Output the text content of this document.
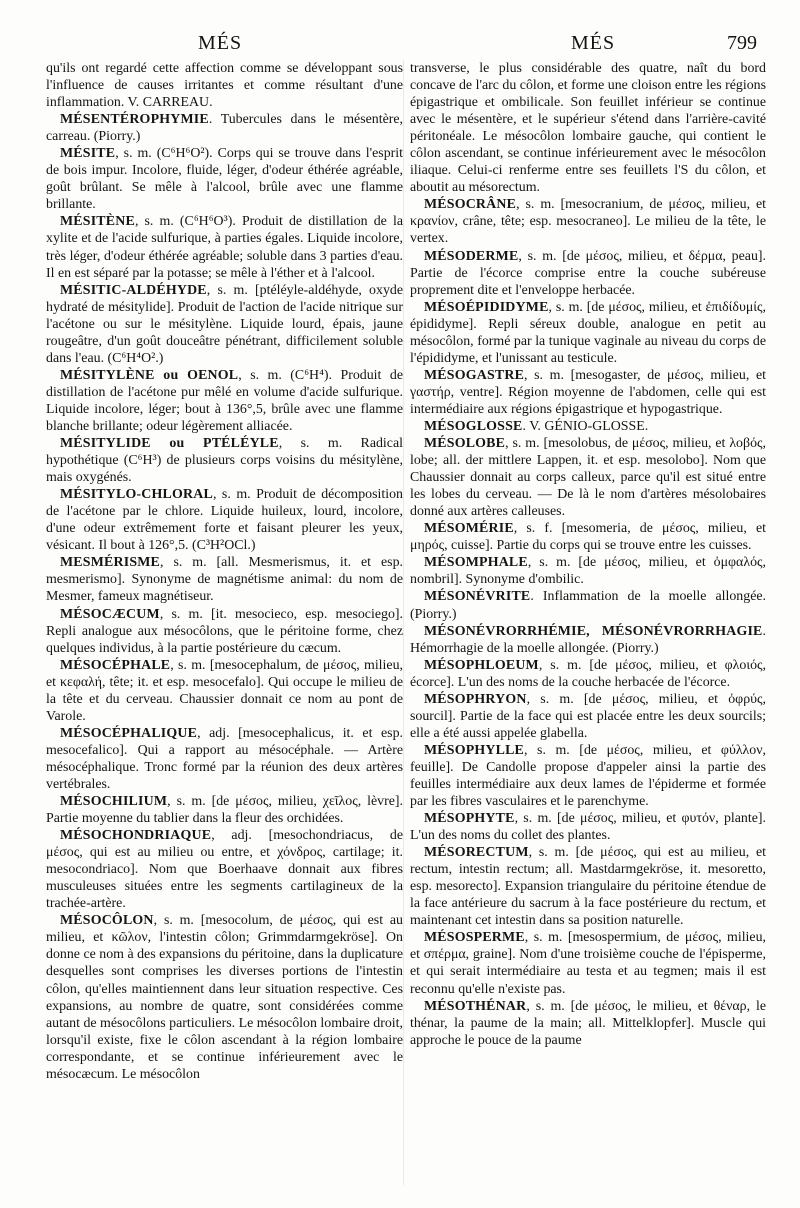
MÉS	MÉS	799

qu'ils ont regardé cette affection comme se développant sous l'influence de causes irritantes et comme résultant d'une inflammation. V. CARREAU.

MÉSENTÉROPHYMIE. Tubercules dans le mésentère, carreau. (Piorry.)

MÉSITE, s. m. (C⁶H⁶O²). Corps qui se trouve dans l'esprit de bois impur. Incolore, fluide, léger, d'odeur éthérée agréable, goût brûlant. Se mêle à l'alcool, brûle avec une flamme brillante.

MÉSITÈNE, s. m. (C⁶H⁶O³). Produit de distillation de la xylite et de l'acide sulfurique, à parties égales. Liquide incolore, très léger, d'odeur éthérée agréable; soluble dans 3 parties d'eau. Il en est séparé par la potasse; se mêle à l'éther et à l'alcool.

MÉSITIC-ALDÉHYDE, s. m. [ptéléyle-aldéhyde, oxyde hydraté de mésitylide]. Produit de l'action de l'acide nitrique sur l'acétone ou sur le mésitylène. Liquide lourd, épais, jaune rougeâtre, d'un goût douceâtre pénétrant, difficilement soluble dans l'eau. (C⁶H⁴O².)

MÉSITYLÈNE ou OENOL, s. m. (C⁶H⁴). Produit de distillation de l'acétone pur mêlé en volume d'acide sulfurique. Liquide incolore, léger; bout à 136°,5, brûle avec une flamme blanche brillante; odeur légèrement alliacée.

MÉSITYLIDE ou PTÉLÉYLE, s. m. Radical hypothétique (C⁶H³) de plusieurs corps voisins du mésitylène, mais oxygénés.

MÉSITYLO-CHLORAL, s. m. Produit de décomposition de l'acétone par le chlore. Liquide huileux, lourd, incolore, d'une odeur extrêmement forte et faisant pleurer les yeux, vésicant. Il bout à 126°,5. (C³H²OCl.)

MESMÉRISME, s. m. [all. Mesmerismus, it. et esp. mesmerismo]. Synonyme de magnétisme animal: du nom de Mesmer, fameux magnétiseur.

MÉSOCÆCUM, s. m. [it. mesocieco, esp. mesociego]. Repli analogue aux mésocôlons, que le péritoine forme, chez quelques individus, à la partie postérieure du cæcum.

MÉSOCÉPHALE, s. m. [mesocephalum, de μέσος, milieu, et κεφαλή, tête; it. et esp. mesocefalo]. Qui occupe le milieu de la tête et du cerveau. Chaussier donnait ce nom au pont de Varole.

MÉSOCÉPHALIQUE, adj. [mesocephalicus, it. et esp. mesocefalico]. Qui a rapport au mésocéphale. — Artère mésocéphalique. Tronc formé par la réunion des deux artères vertébrales.

MÉSOCHILIUM, s. m. [de μέσος, milieu, χεῖλος, lèvre]. Partie moyenne du tablier dans la fleur des orchidées.

MÉSOCHONDRIAQUE, adj. [mesochondriacus, de μέσος, qui est au milieu ou entre, et χόνδρος, cartilage; it. mesocondriaco]. Nom que Boerhaave donnait aux fibres musculeuses situées entre les segments cartilagineux de la trachée-artère.

MÉSOCÔLON, s. m. [mesocolum, de μέσος, qui est au milieu, et κῶλον, l'intestin côlon; Grimmdarmgekröse]. On donne ce nom à des expansions du péritoine, dans la duplicature desquelles sont comprises les diverses portions de l'intestin côlon, qu'elles maintiennent dans leur situation respective. Ces expansions, au nombre de quatre, sont considérées comme autant de mésocôlons particuliers. Le mésocôlon lombaire droit, lorsqu'il existe, fixe le côlon ascendant à la région lombaire correspondante, et se continue inférieurement avec le mésocæcum. Le mésocôlon

transverse, le plus considérable des quatre, naît du bord concave de l'arc du côlon, et forme une cloison entre les régions épigastrique et ombilicale. Son feuillet inférieur se continue avec le mésentère, et le supérieur s'étend dans l'arrière-cavité péritonéale. Le mésocôlon lombaire gauche, qui contient le côlon ascendant, se continue inférieurement avec le mésocôlon iliaque. Celui-ci renferme entre ses feuillets l'S du côlon, et aboutit au mésorectum.

MÉSOCRÂNE, s. m. [mesocranium, de μέσος, milieu, et κρανίον, crâne, tête; esp. mesocraneo]. Le milieu de la tête, le vertex.

MÉSODERME, s. m. [de μέσος, milieu, et δέρμα, peau]. Partie de l'écorce comprise entre la couche subéreuse proprement dite et l'enveloppe herbacée.

MÉSOÉPIDIDYME, s. m. [de μέσος, milieu, et ἐπιδίδυμίς, épididyme]. Repli séreux double, analogue en petit au mésocôlon, formé par la tunique vaginale au niveau du corps de l'épididyme, et l'unissant au testicule.

MÉSOGASTRE, s. m. [mesogaster, de μέσος, milieu, et γαστήρ, ventre]. Région moyenne de l'abdomen, celle qui est intermédiaire aux régions épigastrique et hypogastrique.

MÉSOGLOSSE. V. GÉNIO-GLOSSE.

MÉSOLOBE, s. m. [mesolobus, de μέσος, milieu, et λοβός, lobe; all. der mittlere Lappen, it. et esp. mesolobo]. Nom que Chaussier donnait au corps calleux, parce qu'il est situé entre les lobes du cerveau. — De là le nom d'artères mésolobaires donné aux artères calleuses.

MÉSOMÉRIE, s. f. [mesomeria, de μέσος, milieu, et μηρός, cuisse]. Partie du corps qui se trouve entre les cuisses.

MÉSOMPHALE, s. m. [de μέσος, milieu, et ὀμφαλός, nombril]. Synonyme d'ombilic.

MÉSONÉVRITE. Inflammation de la moelle allongée. (Piorry.)

MÉSONÉVRORRHÉMIE, MÉSONÉVRORRHAGIE. Hémorrhagie de la moelle allongée. (Piorry.)

MÉSOPHLOEUM, s. m. [de μέσος, milieu, et φλοιός, écorce]. L'un des noms de la couche herbacée de l'écorce.

MÉSOPHRYON, s. m. [de μέσος, milieu, et ὀφρύς, sourcil]. Partie de la face qui est placée entre les deux sourcils; elle a été aussi appelée glabella.

MÉSOPHYLLE, s. m. [de μέσος, milieu, et φύλλον, feuille]. De Candolle propose d'appeler ainsi la partie des feuilles intermédiaire aux deux lames de l'épiderme et formée par les fibres vasculaires et le parenchyme.

MÉSOPHYTE, s. m. [de μέσος, milieu, et φυτόν, plante]. L'un des noms du collet des plantes.

MÉSORECTUM, s. m. [de μέσος, qui est au milieu, et rectum, intestin rectum; all. Mastdarmgekröse, it. mesoretto, esp. mesorecto]. Expansion triangulaire du péritoine étendue de la face antérieure du sacrum à la face postérieure du rectum, et maintenant cet intestin dans sa position naturelle.

MÉSOSPERME, s. m. [mesospermium, de μέσος, milieu, et σπέρμα, graine]. Nom d'une troisième couche de l'épisperme, et qui serait intermédiaire au testa et au tegmen; mais il est reconnu qu'elle n'existe pas.

MÉSOTHÉNAR, s. m. [de μέσος, le milieu, et θέναρ, le thénar, la paume de la main; all. Mittelklopfer]. Muscle qui approche le pouce de la paume
